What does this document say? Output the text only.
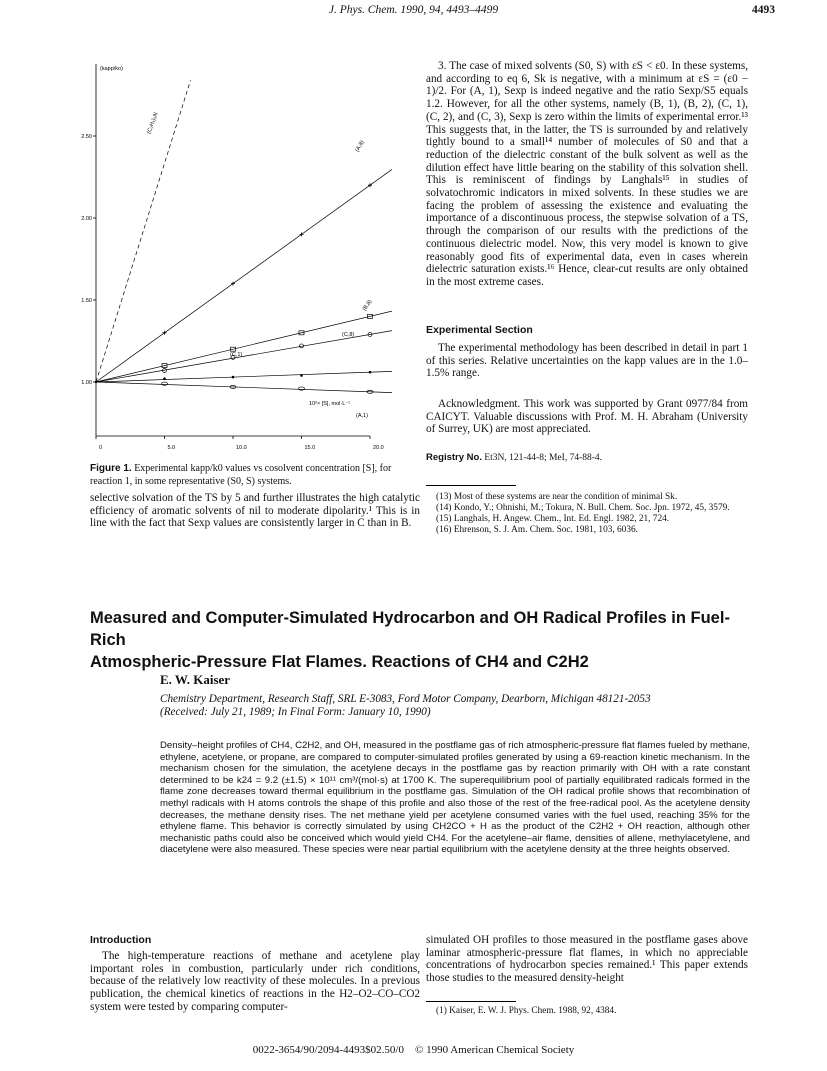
J. Phys. Chem. 1990, 94, 4493–4499	4493
(kapp/ko)
1.00
1.50
2.00
2.50
0	5.0	10.0	15.0	20.0
10²× [S], mol·L⁻¹
(C₂H₅)₃N
(A,8)
(B,8)
(C,8)
(C,1)
(A,1)
Figure 1. Experimental kapp/k0 values vs cosolvent concentration [S], for reaction 1, in some representative (S0, S) systems.
selective solvation of the TS by 5 and further illustrates the high catalytic efficiency of aromatic solvents of nil to moderate dipolarity.¹ This is in line with the fact that Sexp values are consistently larger in C than in B.
3. The case of mixed solvents (S0, S) with εS < ε0. In these systems, and according to eq 6, Sk is negative, with a minimum at εS = (ε0 − 1)/2. For (A, 1), Sexp is indeed negative and the ratio Sexp/S5 equals 1.2. However, for all the other systems, namely (B, 1), (B, 2), (C, 1), (C, 2), and (C, 3), Sexp is zero within the limits of experimental error.¹³ This suggests that, in the latter, the TS is surrounded by and relatively tightly bound to a small¹⁴ number of molecules of S0 and that a reduction of the dielectric constant of the bulk solvent as well as the dilution effect have little bearing on the stability of this solvation shell. This is reminiscent of findings by Langhals¹⁵ in studies of solvatochromic indicators in mixed solvents. In these studies we are facing the problem of assessing the existence and evaluating the importance of a discontinuous process, the stepwise solvation of a TS, through the comparison of our results with the predictions of the continuous dielectric model. Now, this very model is known to give reasonably good fits of experimental data, even in cases wherein dielectric saturation exists.¹⁶ Hence, clear-cut results are only obtained in the most extreme cases.
Experimental Section
The experimental methodology has been described in detail in part 1 of this series. Relative uncertainties on the kapp values are in the 1.0–1.5% range.
Acknowledgment. This work was supported by Grant 0977/84 from CAICYT. Valuable discussions with Prof. M. H. Abraham (University of Surrey, UK) are most appreciated.
Registry No. Et3N, 121-44-8; MeI, 74-88-4.
(13) Most of these systems are near the condition of minimal Sk.
(14) Kondo, Y.; Ohnishi, M.; Tokura, N. Bull. Chem. Soc. Jpn. 1972, 45, 3579.
(15) Langhals, H. Angew. Chem., Int. Ed. Engl. 1982, 21, 724.
(16) Ehrenson, S. J. Am. Chem. Soc. 1981, 103, 6036.
Measured and Computer-Simulated Hydrocarbon and OH Radical Profiles in Fuel-Rich
Atmospheric-Pressure Flat Flames. Reactions of CH4 and C2H2
E. W. Kaiser
Chemistry Department, Research Staff, SRL E-3083, Ford Motor Company, Dearborn, Michigan 48121-2053
(Received: July 21, 1989; In Final Form: January 10, 1990)
Density–height profiles of CH4, C2H2, and OH, measured in the postflame gas of rich atmospheric-pressure flat flames fueled by methane, ethylene, acetylene, or propane, are compared to computer-simulated profiles generated by using a 69-reaction kinetic mechanism. In the mechanism chosen for the simulation, the acetylene decays in the postflame gas by reaction primarily with OH with a rate constant determined to be k24 = 9.2 (±1.5) × 10¹¹ cm³/(mol·s) at 1700 K. The superequilibrium pool of partially equilibrated radicals formed in the flame zone decreases toward thermal equilibrium in the postflame gas. Simulation of the OH radical profile shows that recombination of methyl radicals with H atoms controls the shape of this profile and also those of the rest of the free-radical pool. As the acetylene density decreases, the methane density rises. The net methane yield per acetylene consumed varies with the fuel used, reaching 35% for the ethylene flame. This behavior is correctly simulated by using CH2CO + H as the product of the C2H2 + OH reaction, although other mechanistic paths could also be conceived which would yield CH4. For the acetylene–air flame, densities of allene, methylacetylene, and diacetylene were also measured. These species were near partial equilibrium with the acetylene density at the three heights observed.
Introduction
The high-temperature reactions of methane and acetylene play important roles in combustion, particularly under rich conditions, because of the relatively low reactivity of these molecules. In a previous publication, the chemical kinetics of reactions in the H2–O2–CO–CO2 system were tested by comparing computer-
simulated OH profiles to those measured in the postflame gases above laminar atmospheric-pressure flat flames, in which no appreciable concentrations of hydrocarbon species remained.¹ This paper extends those studies to the measured density-height
(1) Kaiser, E. W. J. Phys. Chem. 1988, 92, 4384.
0022-3654/90/2094-4493$02.50/0 © 1990 American Chemical Society
